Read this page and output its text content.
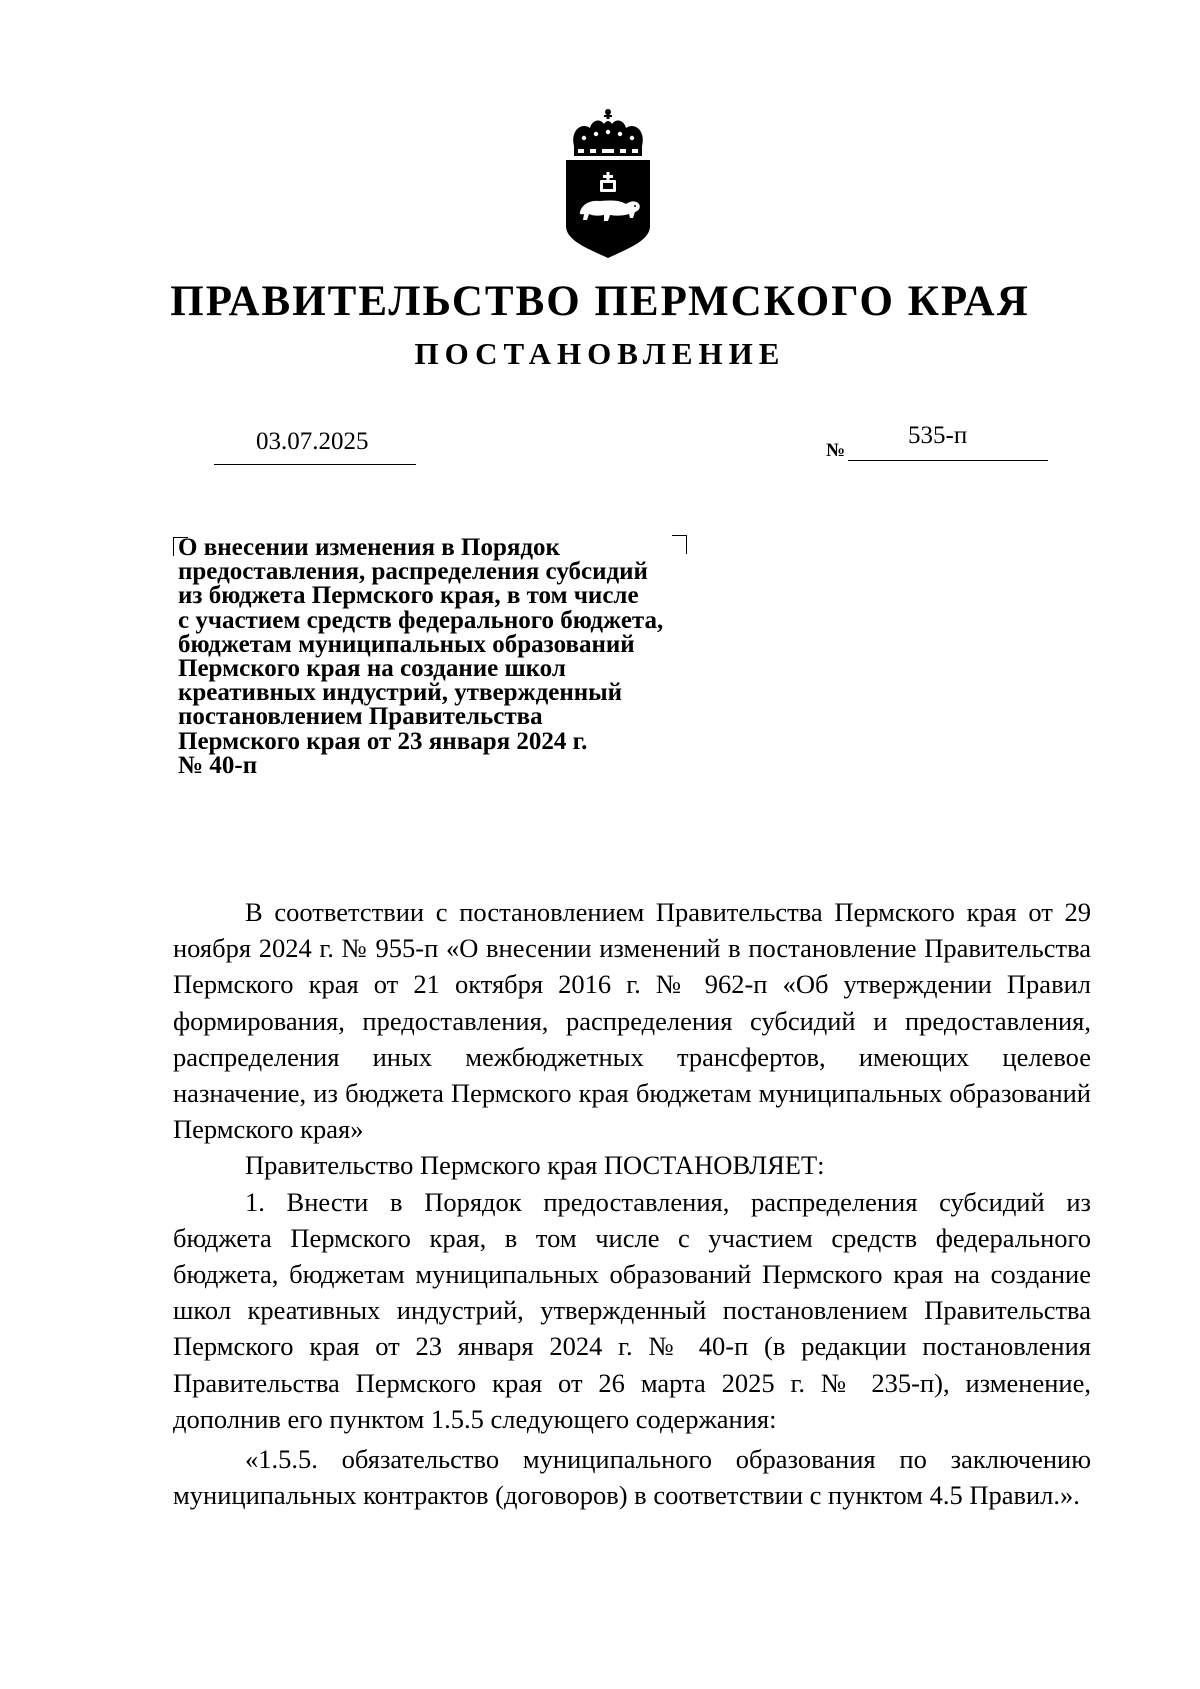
ПРАВИТЕЛЬСТВО ПЕРМСКОГО КРАЯ
ПОСТАНОВЛЕНИЕ
03.07.2025	№
535-п
О внесении изменения в Порядок
предоставления, распределения субсидий
из бюджета Пермского края, в том числе
с участием средств федерального бюджета,
бюджетам муниципальных образований
Пермского края на создание школ
креативных индустрий, утвержденный
постановлением Правительства
Пермского края от 23 января 2024 г.
№ 40-п

В соответствии с постановлением Правительства Пермского края от 29 ноября 2024 г. № 955-п «О внесении изменений в постановление Правительства Пермского края от 21 октября 2016 г. № 962-п «Об утверждении Правил формирования, предоставления, распределения субсидий и предоставления, распределения иных межбюджетных трансфертов, имеющих целевое назначение, из бюджета Пермского края бюджетам муниципальных образований Пермского края»

Правительство Пермского края ПОСТАНОВЛЯЕТ:

1. Внести в Порядок предоставления, распределения субсидий из бюджета Пермского края, в том числе с участием средств федерального бюджета, бюджетам муниципальных образований Пермского края на создание школ креативных индустрий, утвержденный постановлением Правительства Пермского края от 23 января 2024 г. № 40-п (в редакции постановления Правительства Пермского края от 26 марта 2025 г. № 235-п), изменение, дополнив его пунктом 1.5.5 следующего содержания:

«1.5.5. обязательство муниципального образования по заключению муниципальных контрактов (договоров) в соответствии с пунктом 4.5 Правил.».
